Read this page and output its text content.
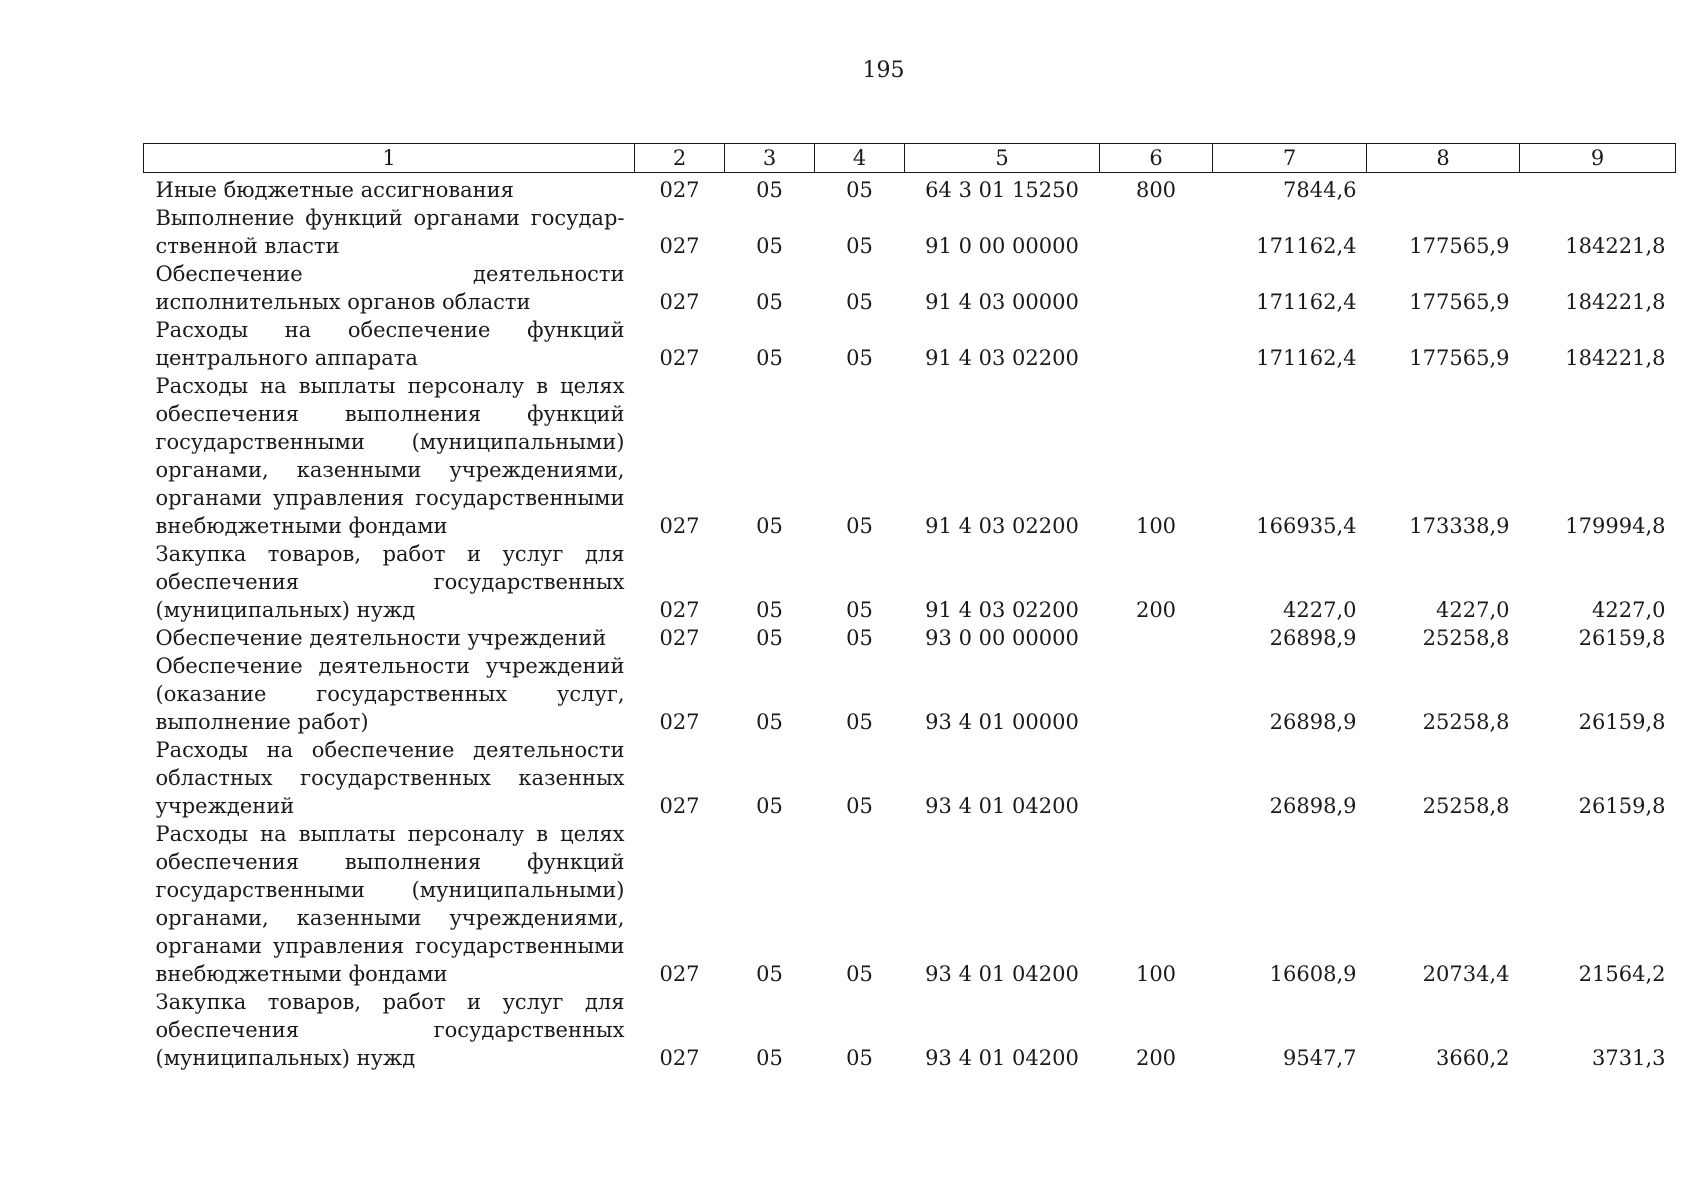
195
1	2	3	4	5	6	7	8	9
Иные бюджетные ассигнования	027	05	05	64 3 01 15250	800	7844,6		
Выполнение функций органами государственной власти	027	05	05	91 0 00 00000		171162,4	177565,9	184221,8
Обеспечение деятельности исполнительных органов области	027	05	05	91 4 03 00000		171162,4	177565,9	184221,8
Расходы на обеспечение функций центрального аппарата	027	05	05	91 4 03 02200		171162,4	177565,9	184221,8
Расходы на выплаты персоналу в целях обеспечения выполнения функций государственными (муниципальными) органами, казенными учреждениями, органами управления государственными внебюджетными фондами	027	05	05	91 4 03 02200	100	166935,4	173338,9	179994,8
Закупка товаров, работ и услуг для обеспечения государственных (муниципальных) нужд	027	05	05	91 4 03 02200	200	4227,0	4227,0	4227,0
Обеспечение деятельности учреждений	027	05	05	93 0 00 00000		26898,9	25258,8	26159,8
Обеспечение деятельности учреждений (оказание государственных услуг, выполнение работ)	027	05	05	93 4 01 00000		26898,9	25258,8	26159,8
Расходы на обеспечение деятельности областных государственных казенных учреждений	027	05	05	93 4 01 04200		26898,9	25258,8	26159,8
Расходы на выплаты персоналу в целях обеспечения выполнения функций государственными (муниципальными) органами, казенными учреждениями, органами управления государственными внебюджетными фондами	027	05	05	93 4 01 04200	100	16608,9	20734,4	21564,2
Закупка товаров, работ и услуг для обеспечения государственных (муниципальных) нужд	027	05	05	93 4 01 04200	200	9547,7	3660,2	3731,3
